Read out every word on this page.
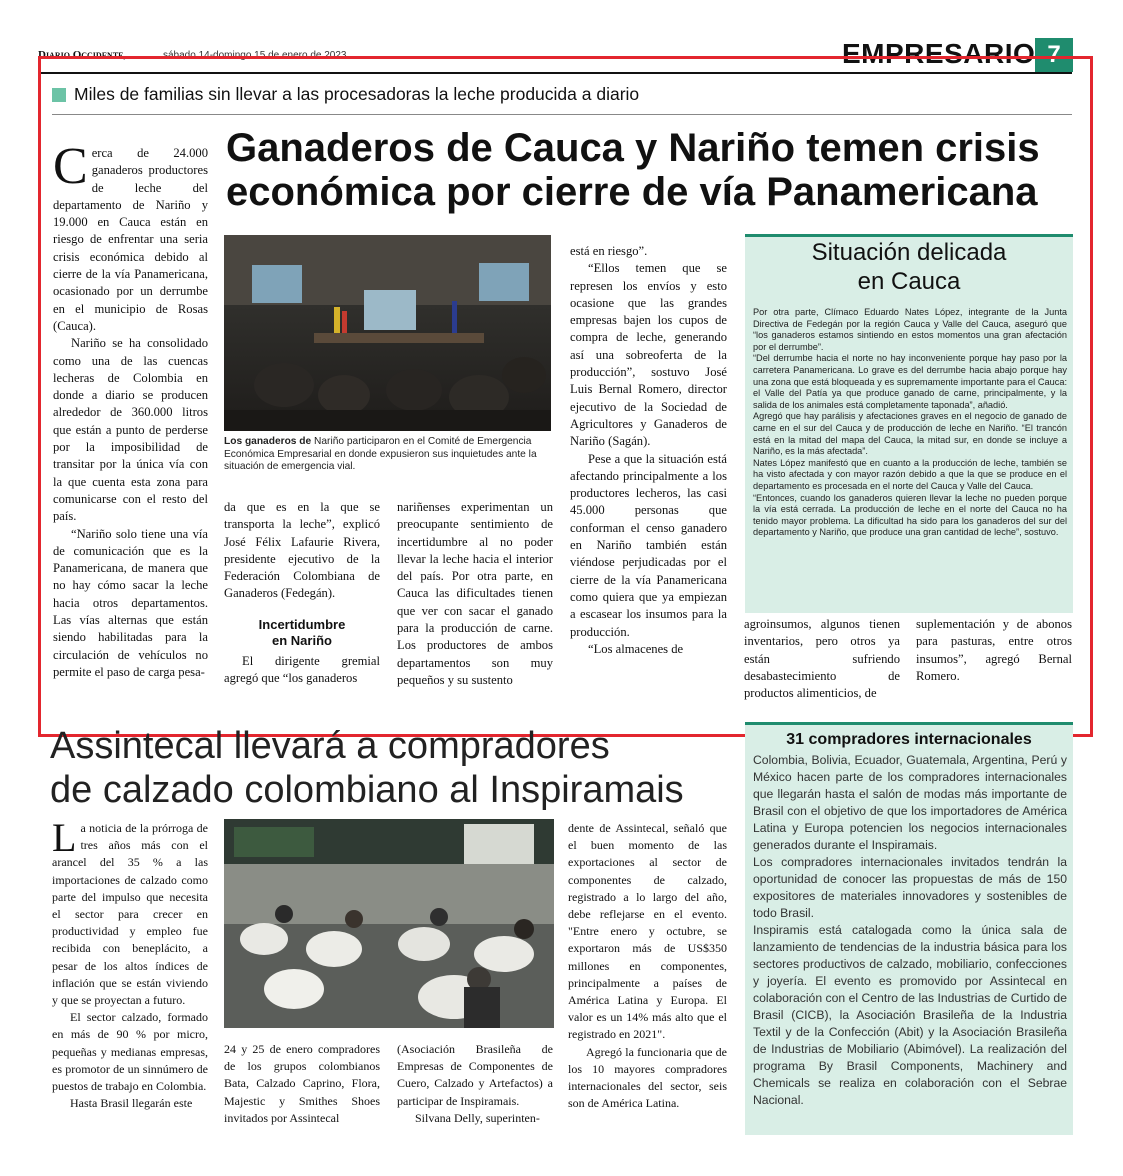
Diario Occidente,	sábado 14-domingo 15 de enero de 2023	EMPRESARIO 7
Miles de familias sin llevar a las procesadoras la leche producida a diario
Ganaderos de Cauca y Nariño temen crisis
económica por cierre de vía Panamericana
C erca de 24.000 ganaderos productores de leche del departamento de Nariño y 19.000 en Cauca están en riesgo de enfrentar una seria crisis económica debido al cierre de la vía Panamericana, ocasionado por un derrumbe en el municipio de Rosas (Cauca).

Nariño se ha consolidado como una de las cuencas lecheras de Colombia en donde a diario se producen alrededor de 360.000 litros que están a punto de perderse por la imposibilidad de transitar por la única vía con la que cuenta esta zona para comunicarse con el resto del país.

“Nariño solo tiene una vía de comunicación que es la Panamericana, de manera que no hay cómo sacar la leche hacia otros departamentos. Las vías alternas que están siendo habilitadas para la circulación de vehículos no permite el paso de carga pesa-

Los ganaderos de Nariño participaron en el Comité de Emergencia Económica Empresarial en donde expusieron sus inquietudes ante la situación de emergencia vial.

da que es en la que se transporta la leche”, explicó José Félix Lafaurie Rivera, presidente ejecutivo de la Federación Colombiana de Ganaderos (Fedegán).

Incertidumbre
en Nariño

El dirigente gremial agregó que “los ganaderos

nariñenses experimentan un preocupante sentimiento de incertidumbre al no poder llevar la leche hacia el interior del país. Por otra parte, en Cauca las dificultades tienen que ver con sacar el ganado para la producción de carne. Los productores de ambos departamentos son muy pequeños y su sustento

está en riesgo”.

“Ellos temen que se represen los envíos y esto ocasione que las grandes empresas bajen los cupos de compra de leche, generando así una sobreoferta de la producción”, sostuvo José Luis Bernal Romero, director ejecutivo de la Sociedad de Agricultores y Ganaderos de Nariño (Sagán).

Pese a que la situación está afectando principalmente a los productores lecheros, las casi 45.000 personas que conforman el censo ganadero en Nariño también están viéndose perjudicadas por el cierre de la vía Panamericana como quiera que ya empiezan a escasear los insumos para la producción.

“Los almacenes de

Situación delicada
en Cauca

Por otra parte, Clímaco Eduardo Nates López, integrante de la Junta Directiva de Fedegán por la región Cauca y Valle del Cauca, aseguró que “los ganaderos estamos sintiendo en estos momentos una gran afectación por el derrumbe”.

“Del derrumbe hacia el norte no hay inconveniente porque hay paso por la carretera Panamericana. Lo grave es del derrumbe hacia abajo porque hay una zona que está bloqueada y es supremamente importante para el Cauca: el Valle del Patía ya que produce ganado de carne, principalmente, y la salida de los animales está completamente taponada”, añadió.

Agregó que hay parálisis y afectaciones graves en el negocio de ganado de carne en el sur del Cauca y de producción de leche en Nariño. “El trancón está en la mitad del mapa del Cauca, la mitad sur, en donde se incluye a Nariño, es la más afectada”.

Nates López manifestó que en cuanto a la producción de leche, también se ha visto afectada y con mayor razón debido a que la que se produce en el departamento es procesada en el norte del Cauca y Valle del Cauca.

“Entonces, cuando los ganaderos quieren llevar la leche no pueden porque la vía está cerrada. La producción de leche en el norte del Cauca no ha tenido mayor problema. La dificultad ha sido para los ganaderos del sur del departamento y Nariño, que produce una gran cantidad de leche”, sostuvo.

agroinsumos, algunos tienen inventarios, pero otros ya están sufriendo desabastecimiento de productos alimenticios, de

suplementación y de abonos para pasturas, entre otros insumos”, agregó Bernal Romero.

Assintecal llevará a compradores
de calzado colombiano al Inspiramais
L a noticia de la prórroga de tres años más con el arancel del 35 % a las importaciones de calzado como parte del impulso que necesita el sector para crecer en productividad y empleo fue recibida con beneplácito, a pesar de los altos índices de inflación que se están viviendo y que se proyectan a futuro.

El sector calzado, formado en más de 90 % por micro, pequeñas y medianas empresas, es promotor de un sinnúmero de puestos de trabajo en Colombia.

Hasta Brasil llegarán este

24 y 25 de enero compradores de los grupos colombianos Bata, Calzado Caprino, Flora, Majestic y Smithes Shoes invitados por Assintecal

(Asociación Brasileña de Empresas de Componentes de Cuero, Calzado y Artefactos) a participar de Inspiramais.

Silvana Delly, superinten-

dente de Assintecal, señaló que el buen momento de las exportaciones al sector de componentes de calzado, registrado a lo largo del año, debe reflejarse en el evento. "Entre enero y octubre, se exportaron más de US$350 millones en componentes, principalmente a países de América Latina y Europa. El valor es un 14% más alto que el registrado en 2021".

Agregó la funcionaria que de los 10 mayores compradores internacionales del sector, seis son de América Latina.

31 compradores internacionales

Colombia, Bolivia, Ecuador, Guatemala, Argentina, Perú y México hacen parte de los compradores internacionales que llegarán hasta el salón de modas más importante de Brasil con el objetivo de que los importadores de América Latina y Europa potencien los negocios internacionales generados durante el Inspiramais.

Los compradores internacionales invitados tendrán la oportunidad de conocer las propuestas de más de 150 expositores de materiales innovadores y sostenibles de todo Brasil.

Inspiramis está catalogada como la única sala de lanzamiento de tendencias de la industria básica para los sectores productivos de calzado, mobiliario, confecciones y joyería. El evento es promovido por Assintecal en colaboración con el Centro de las Industrias de Curtido de Brasil (CICB), la Asociación Brasileña de la Industria Textil y de la Confección (Abit) y la Asociación Brasileña de Industrias de Mobiliario (Abimóvel). La realización del programa By Brasil Components, Machinery and Chemicals se realiza en colaboración con el Sebrae Nacional.
